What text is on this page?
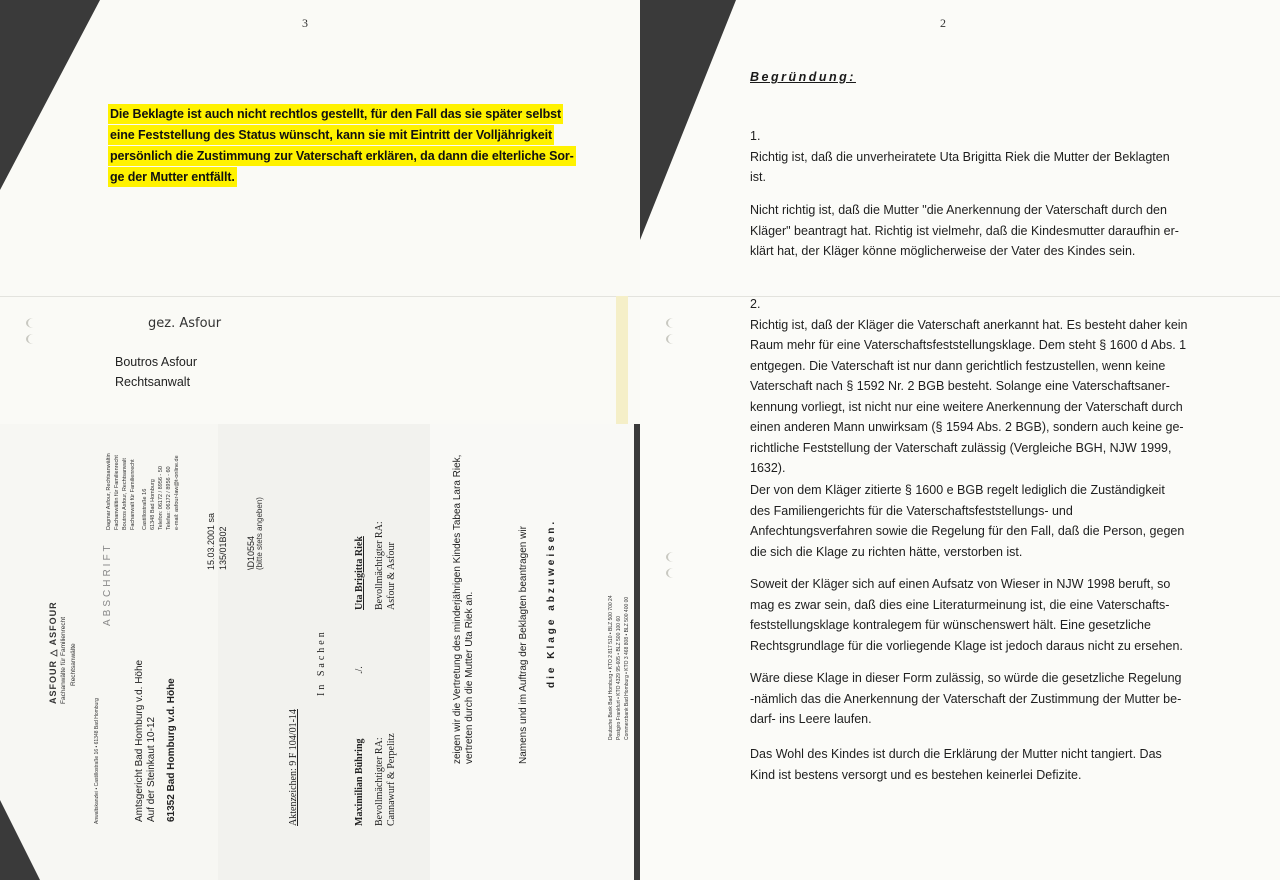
3
Die Beklagte ist auch nicht rechtlos gestellt, für den Fall das sie später selbst
eine Feststellung des Status wünscht, kann sie mit Eintritt der Volljährigkeit
persönlich die Zustimmung zur Vaterschaft erklären, da dann die elterliche Sor-
ge der Mutter entfällt.
gez. Asfour
Boutros Asfour
Rechtsanwalt
ASFOUR △ ASFOUR Fachanwälte für Familienrecht Rechtsanwälte
Anwaltskanzlei • Castillostraße 16 • 61348 Bad Homburg	Amtsgericht Bad Homburg v.d. Höhe Auf der Steinkaut 10-12 61352 Bad Homburg v.d. Höhe
ABSCHRIFT
Dagmar Asfour, Rechtsanwältin Fachanwältin für Familienrecht Boutros Asfour, Rechtsanwalt Fachanwalt für Familienrecht Castillostraße 16 61348 Bad Homburg Telefon: 06172 / 8956 - 50 Telefax: 06172 / 8956 - 60 e-mail: asfour-law@t-online.de
15.03.2001 sa 135/01B02 \D10554 (bitte stets angeben)
Aktenzeichen: 9 F 104/01-14
In Sachen
Maximilian Bühring
./.
Uta Brigitta Riek
Bevollmächtigter RA: Cannawurf & Perpelitz
Bevollmächtigter RA: Asfour & Asfour	zeigen wir die Vertretung des minderjährigen Kindes Tabea Lara Riek, vertreten durch die Mutter Uta Riek an.	Namens und im Auftrag der Beklagten beantragen wir die Klage abzuweisen.	Deutsche Bank Bad Homburg • KTO 2 817 510 • BLZ 500 700 24 Postgiro Frankfurt • KTO 4329 95-605 • BLZ 500 100 60 Commerzbank Bad Homburg • KTO 3 468 808 • BLZ 500 400 00
2
Begründung:
1.
Richtig ist, daß die unverheiratete Uta Brigitta Riek die Mutter der Beklagten
ist.
Nicht richtig ist, daß die Mutter "die Anerkennung der Vaterschaft durch den
Kläger" beantragt hat. Richtig ist vielmehr, daß die Kindesmutter daraufhin er-
klärt hat, der Kläger könne möglicherweise der Vater des Kindes sein.
2.
Richtig ist, daß der Kläger die Vaterschaft anerkannt hat. Es besteht daher kein
Raum mehr für eine Vaterschaftsfeststellungsklage. Dem steht § 1600 d Abs. 1
entgegen. Die Vaterschaft ist nur dann gerichtlich festzustellen, wenn keine
Vaterschaft nach § 1592 Nr. 2 BGB besteht. Solange eine Vaterschaftsaner-
kennung vorliegt, ist nicht nur eine weitere Anerkennung der Vaterschaft durch
einen anderen Mann unwirksam (§ 1594 Abs. 2 BGB), sondern auch keine ge-
richtliche Feststellung der Vaterschaft zulässig (Vergleiche BGH, NJW 1999,
1632).
Der von dem Kläger zitierte § 1600 e BGB regelt lediglich die Zuständigkeit
des Familiengerichts für die Vaterschaftsfeststellungs- und
Anfechtungsverfahren sowie die Regelung für den Fall, daß die Person, gegen
die sich die Klage zu richten hätte, verstorben ist.
Soweit der Kläger sich auf einen Aufsatz von Wieser in NJW 1998 beruft, so
mag es zwar sein, daß dies eine Literaturmeinung ist, die eine Vaterschafts-
feststellungsklage kontralegem für wünschenswert hält. Eine gesetzliche
Rechtsgrundlage für die vorliegende Klage ist jedoch daraus nicht zu ersehen.
Wäre diese Klage in dieser Form zulässig, so würde die gesetzliche Regelung
-nämlich das die Anerkennung der Vaterschaft der Zustimmung der Mutter be-
darf- ins Leere laufen.
Das Wohl des Kindes ist durch die Erklärung der Mutter nicht tangiert. Das
Kind ist bestens versorgt und es bestehen keinerlei Defizite.
